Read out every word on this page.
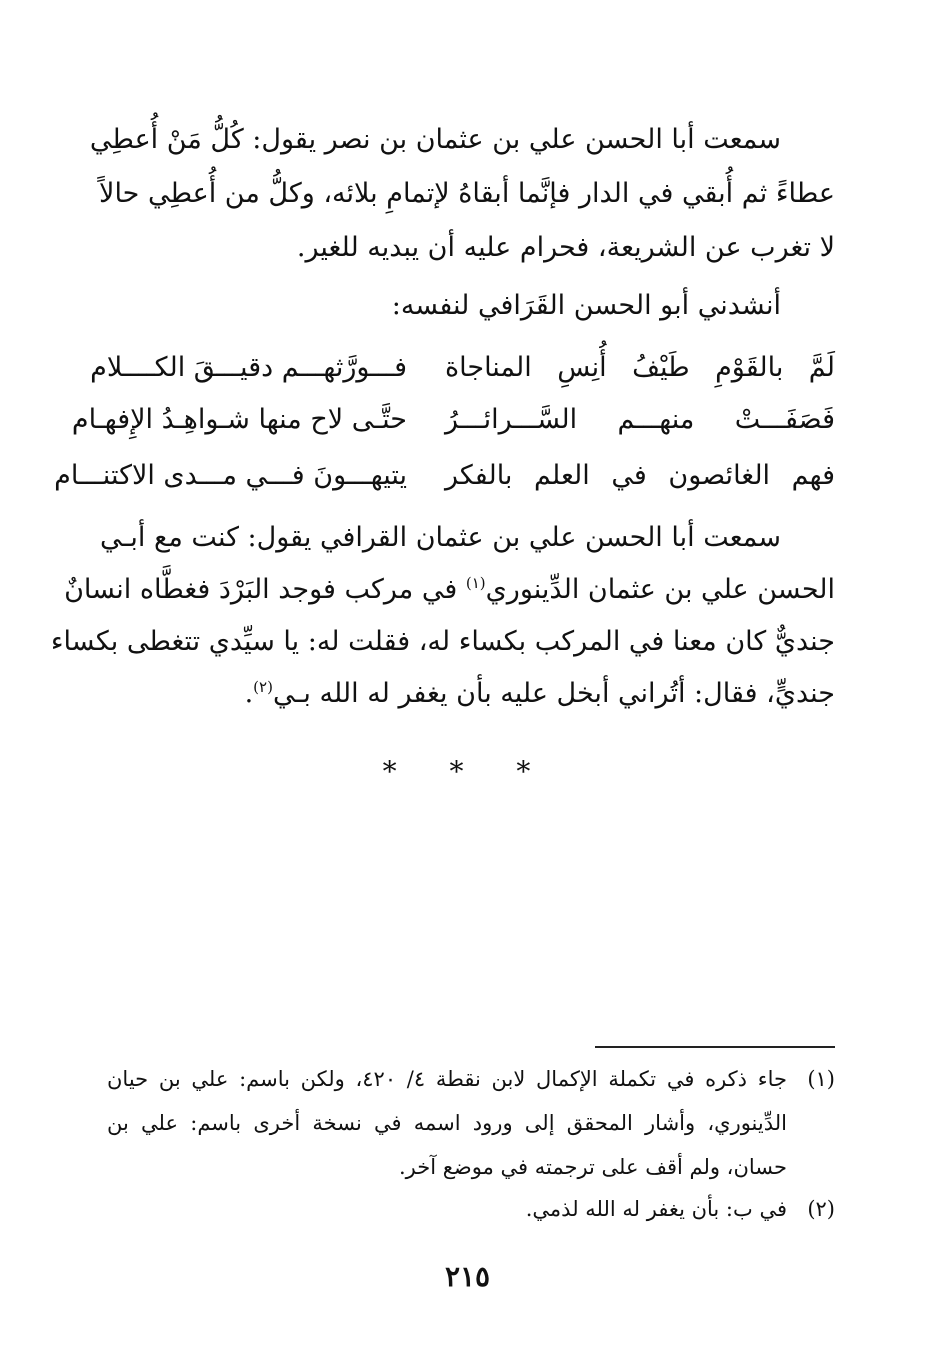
سمعت أبا الحسن علي بن عثمان بن نصر يقول: كُلُّ مَنْ أُعطِي
عطاءً ثم أُبقي في الدار فإنَّما أبقاهُ لإتمامِ بلائه، وكلُّ من أُعطِي حالاً
لا تغرب عن الشريعة، فحرام عليه أن يبديه للغير.
أنشدني أبو الحسن القَرَافي لنفسه:
لَمَّ بالقَوْمِ طَيْفُ أُنِسِ المناجاة
فـــورَّثهـــم دقيـــقَ الكــــلام
فَصَفَـــتْ منهـــم السَّـــرائـــرُ
حتَّـى لاح منها شـواهِـدُ الإِفهـام
فهم الغائصون في العلم بالفكر
يتيهـــونَ فـــي مـــدى الاكتنـــام
سمعت أبا الحسن علي بن عثمان القرافي يقول: كنت مع أبـي
الحسن علي بن عثمان الدِّينوري$^{(١)}$ في مركب فوجد البَرْدَ فغطَّاه انسانٌ
جنديٌّ كان معنا في المركب بكساء له، فقلت له: يا سيِّدي تتغطى بكساء
جنديٍّ، فقال: أتُراني أبخل عليه بأن يغفر له الله بـي$^{(٢)}$.
* * *
(١)جاء ذكره في تكملة الإكمال لابن نقطة ٤/ ٤٢٠، ولكن باسم: علي بن حيان
الدِّينوري، وأشار المحقق إلى ورود اسمه في نسخة أخرى باسم: علي بن
حسان، ولم أقف على ترجمته في موضع آخر.
(٢)في ب: بأن يغفر له الله لذمي.
٢١٥
